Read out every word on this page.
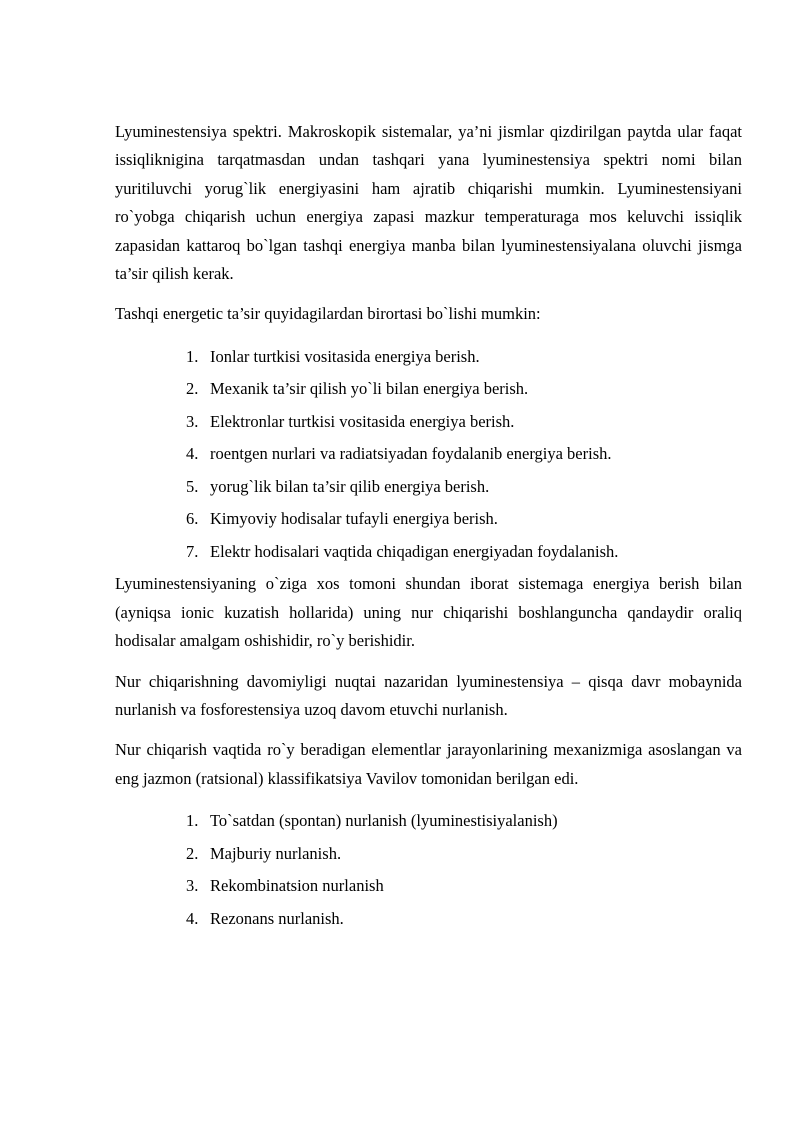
Lyuminestensiya spektri. Makroskopik sistemalar, ya’ni jismlar qizdirilgan paytda ular faqat issiqliknigina tarqatmasdan undan tashqari yana lyuminestensiya spektri nomi bilan yuritiluvchi yorug`lik energiyasini ham ajratib chiqarishi mumkin. Lyuminestensiyani ro`yobga chiqarish uchun energiya zapasi mazkur temperaturaga mos keluvchi issiqlik zapasidan kattaroq bo`lgan tashqi energiya manba bilan lyuminestensiyalana oluvchi jismga ta’sir qilish kerak.

Tashqi energetic ta’sir quyidagilardan birortasi bo`lishi mumkin:

1. Ionlar turtkisi vositasida energiya berish.
2. Mexanik ta’sir qilish yo`li bilan energiya berish.
3. Elektronlar turtkisi vositasida energiya berish.
4. roentgen nurlari va radiatsiyadan foydalanib energiya berish.
5. yorug`lik bilan ta’sir qilib energiya berish.
6. Kimyoviy hodisalar tufayli energiya berish.
7. Elektr hodisalari vaqtida chiqadigan energiyadan foydalanish.

Lyuminestensiyaning o`ziga xos tomoni shundan iborat sistemaga energiya berish bilan (ayniqsa ionic kuzatish hollarida) uning nur chiqarishi boshlanguncha qandaydir oraliq hodisalar amalgam oshishidir, ro`y berishidir.

Nur chiqarishning davomiyligi nuqtai nazaridan lyuminestensiya – qisqa davr mobaynida nurlanish va fosforestensiya uzoq davom etuvchi nurlanish.

Nur chiqarish vaqtida ro`y beradigan elementlar jarayonlarining mexanizmiga asoslangan va eng jazmon (ratsional) klassifikatsiya Vavilov tomonidan berilgan edi.

1. To`satdan (spontan) nurlanish (lyuminestisiyalanish)
2. Majburiy nurlanish.
3. Rekombinatsion nurlanish
4. Rezonans nurlanish.
